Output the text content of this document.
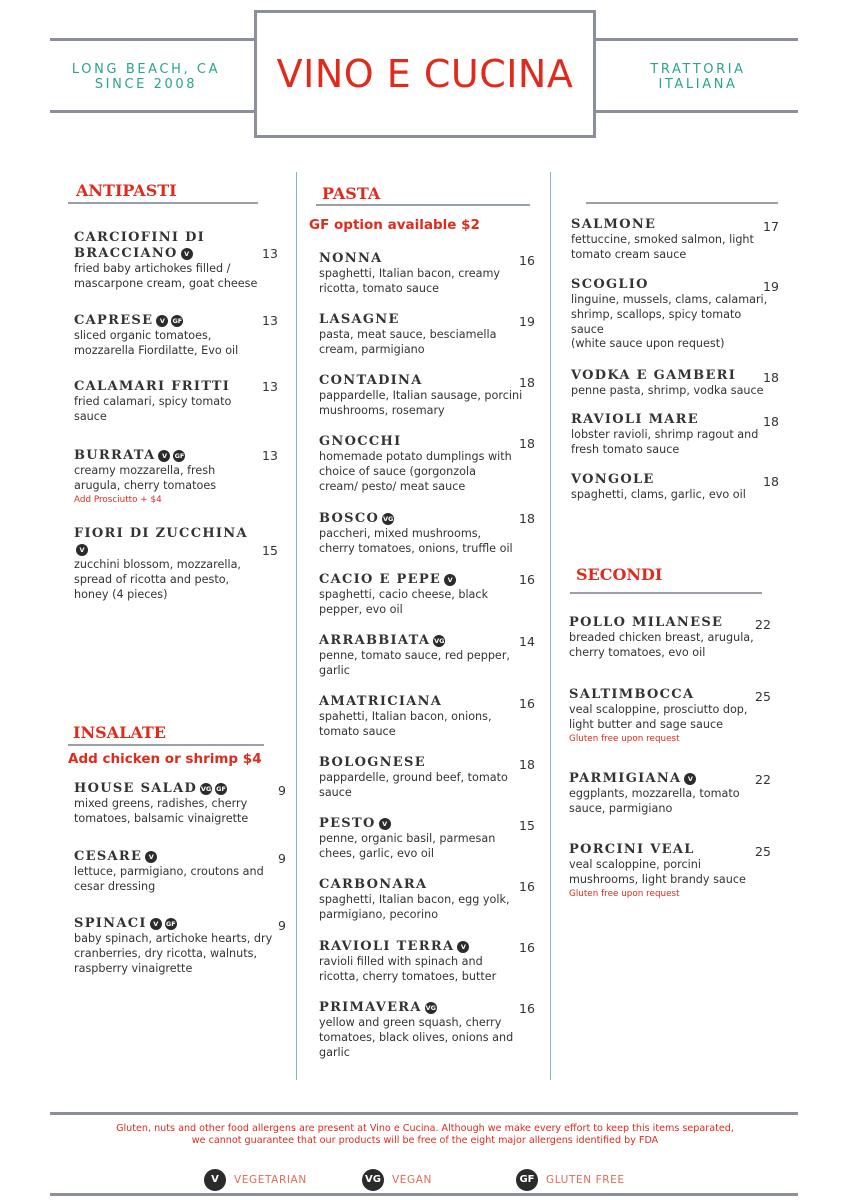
LONG BEACH, CA
SINCE 2008
TRATTORIA
ITALIANA
VINO E CUCINA
ANTIPASTI
CARCIOFINI DI
BRACCIANO V	13
fried baby artichokes filled /
mascarpone cream, goat cheese
CAPRESE V GF	13
sliced organic tomatoes,
mozzarella Fiordilatte, Evo oil
CALAMARI FRITTI	13
fried calamari, spicy tomato
sauce
BURRATA V GF	13
creamy mozzarella, fresh
arugula, cherry tomatoes
Add Prosciutto + $4
FIORI DI ZUCCHINA
V	15
zucchini blossom, mozzarella,
spread of ricotta and pesto,
honey (4 pieces)
INSALATE
Add chicken or shrimp $4
HOUSE SALAD VG GF	9
mixed greens, radishes, cherry
tomatoes, balsamic vinaigrette
CESARE V	9
lettuce, parmigiano, croutons and
cesar dressing
SPINACI V GF	9
baby spinach, artichoke hearts, dry
cranberries, dry ricotta, walnuts,
raspberry vinaigrette
PASTA
GF option available $2
NONNA	16
spaghetti, Italian bacon, creamy
ricotta, tomato sauce
LASAGNE	19
pasta, meat sauce, besciamella
cream, parmigiano
CONTADINA	18
pappardelle, Italian sausage, porcini
mushrooms, rosemary
GNOCCHI	18
homemade potato dumplings with
choice of sauce (gorgonzola
cream/ pesto/ meat sauce
BOSCO VG	18
paccheri, mixed mushrooms,
cherry tomatoes, onions, truffle oil
CACIO E PEPE V	16
spaghetti, cacio cheese, black
pepper, evo oil
ARRABBIATA VG	14
penne, tomato sauce, red pepper,
garlic
AMATRICIANA	16
spahetti, Italian bacon, onions,
tomato sauce
BOLOGNESE	18
pappardelle, ground beef, tomato
sauce
PESTO V	15
penne, organic basil, parmesan
chees, garlic, evo oil
CARBONARA	16
spaghetti, Italian bacon, egg yolk,
parmigiano, pecorino
RAVIOLI TERRA V	16
ravioli filled with spinach and
ricotta, cherry tomatoes, butter
PRIMAVERA VG	16
yellow and green squash, cherry
tomatoes, black olives, onions and
garlic
SALMONE	17
fettuccine, smoked salmon, light
tomato cream sauce
SCOGLIO	19
linguine, mussels, clams, calamari,
shrimp, scallops, spicy tomato
sauce
(white sauce upon request)
VODKA E GAMBERI	18
penne pasta, shrimp, vodka sauce
RAVIOLI MARE	18
lobster ravioli, shrimp ragout and
fresh tomato sauce
VONGOLE	18
spaghetti, clams, garlic, evo oil
SECONDI
POLLO MILANESE	22
breaded chicken breast, arugula,
cherry tomatoes, evo oil
SALTIMBOCCA	25
veal scaloppine, prosciutto dop,
light butter and sage sauce
Gluten free upon request
PARMIGIANA V	22
eggplants, mozzarella, tomato
sauce, parmigiano
PORCINI VEAL	25
veal scaloppine, porcini
mushrooms, light brandy sauce
Gluten free upon request
Gluten, nuts and other food allergens are present at Vino e Cucina. Although we make every effort to keep this items separated,
we cannot guarantee that our products will be free of the eight major allergens identified by FDA
V	VEGETARIAN	VG VEGAN	GF	GLUTEN FREE
